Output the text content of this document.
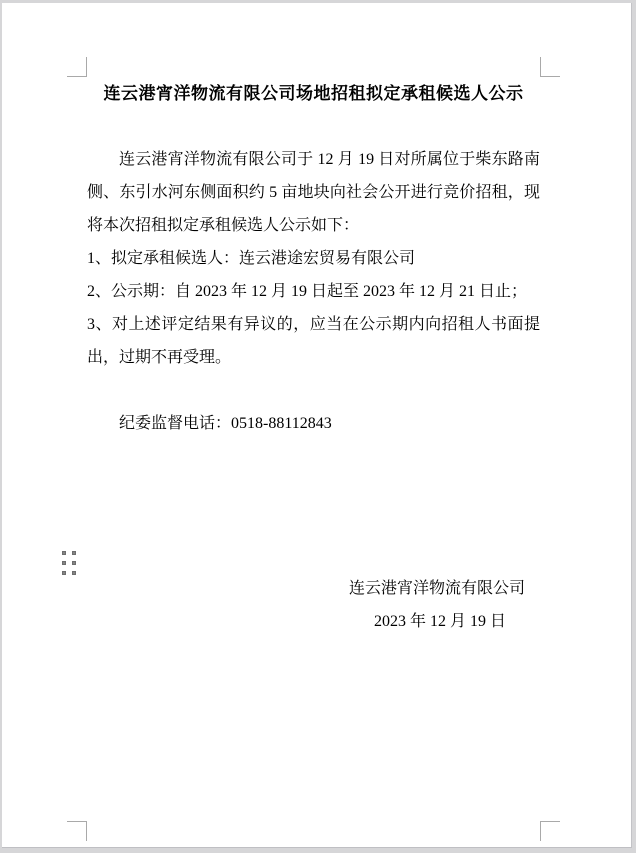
连云港宵洋物流有限公司场地招租拟定承租候选人公示

连云港宵洋物流有限公司于 12 月 19 日对所属位于柴东路南侧、东引水河东侧面积约 5 亩地块向社会公开进行竞价招租，现将本次招租拟定承租候选人公示如下：

1、拟定承租候选人：连云港途宏贸易有限公司

2、公示期：自 2023 年 12 月 19 日起至 2023 年 12 月 21 日止；

3、对上述评定结果有异议的，应当在公示期内向招租人书面提出，过期不再受理。

纪委监督电话：0518-88112843

连云港宵洋物流有限公司

2023 年 12 月 19 日
